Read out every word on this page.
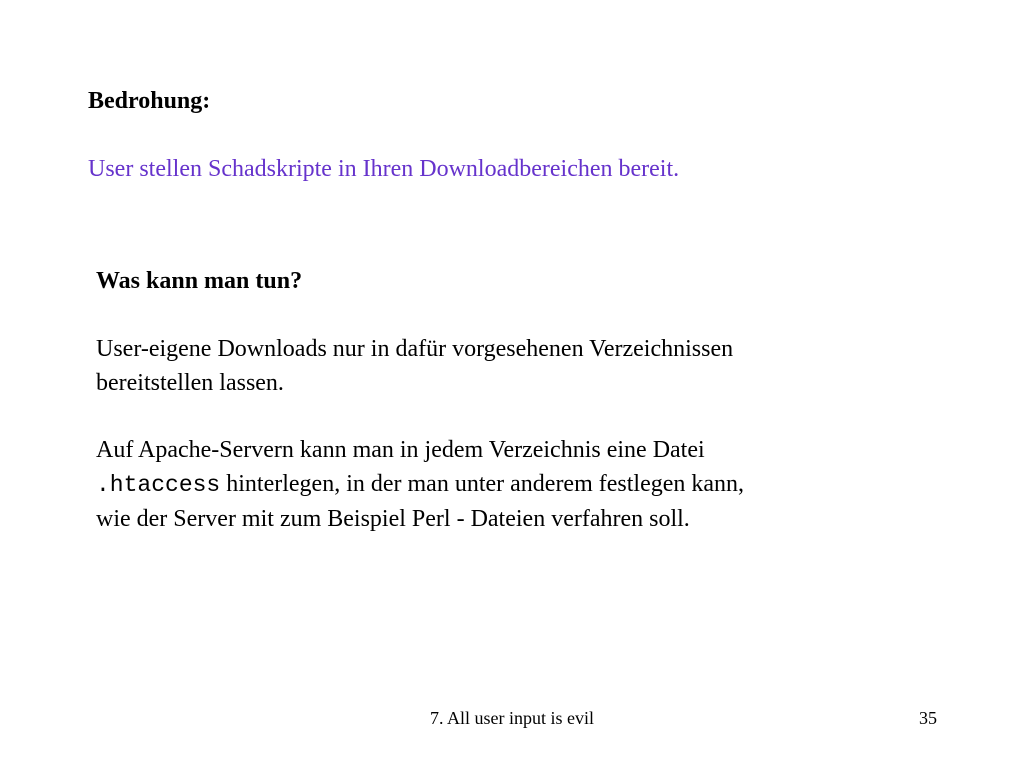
Bedrohung:
User stellen Schadskripte in Ihren Downloadbereichen bereit.
Was kann man tun?
User-eigene Downloads nur in dafür vorgesehenen Verzeichnissen
bereitstellen lassen.
Auf Apache-Servern kann man in jedem Verzeichnis eine Datei
.htaccess hinterlegen, in der man unter anderem festlegen kann,
wie der Server mit zum Beispiel Perl - Dateien verfahren soll.
7. All user input is evil	35
